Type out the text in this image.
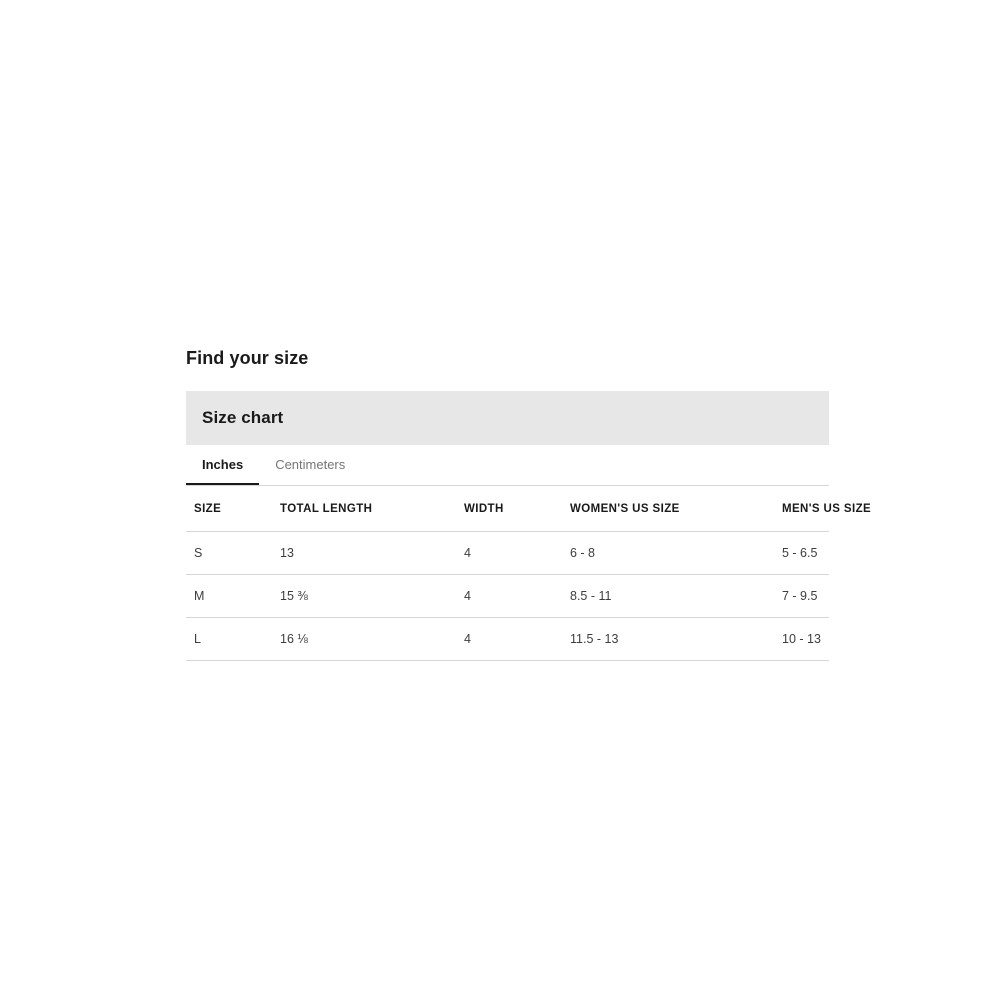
Find your size
Size chart
Inches	Centimeters
SIZE	TOTAL LENGTH	WIDTH	WOMEN'S US SIZE	MEN'S US SIZE
S	13	4	6 - 8	5 - 6.5
M	15 ⅜	4	8.5 - 11	7 - 9.5
L	16 ⅛	4	11.5 - 13	10 - 13
